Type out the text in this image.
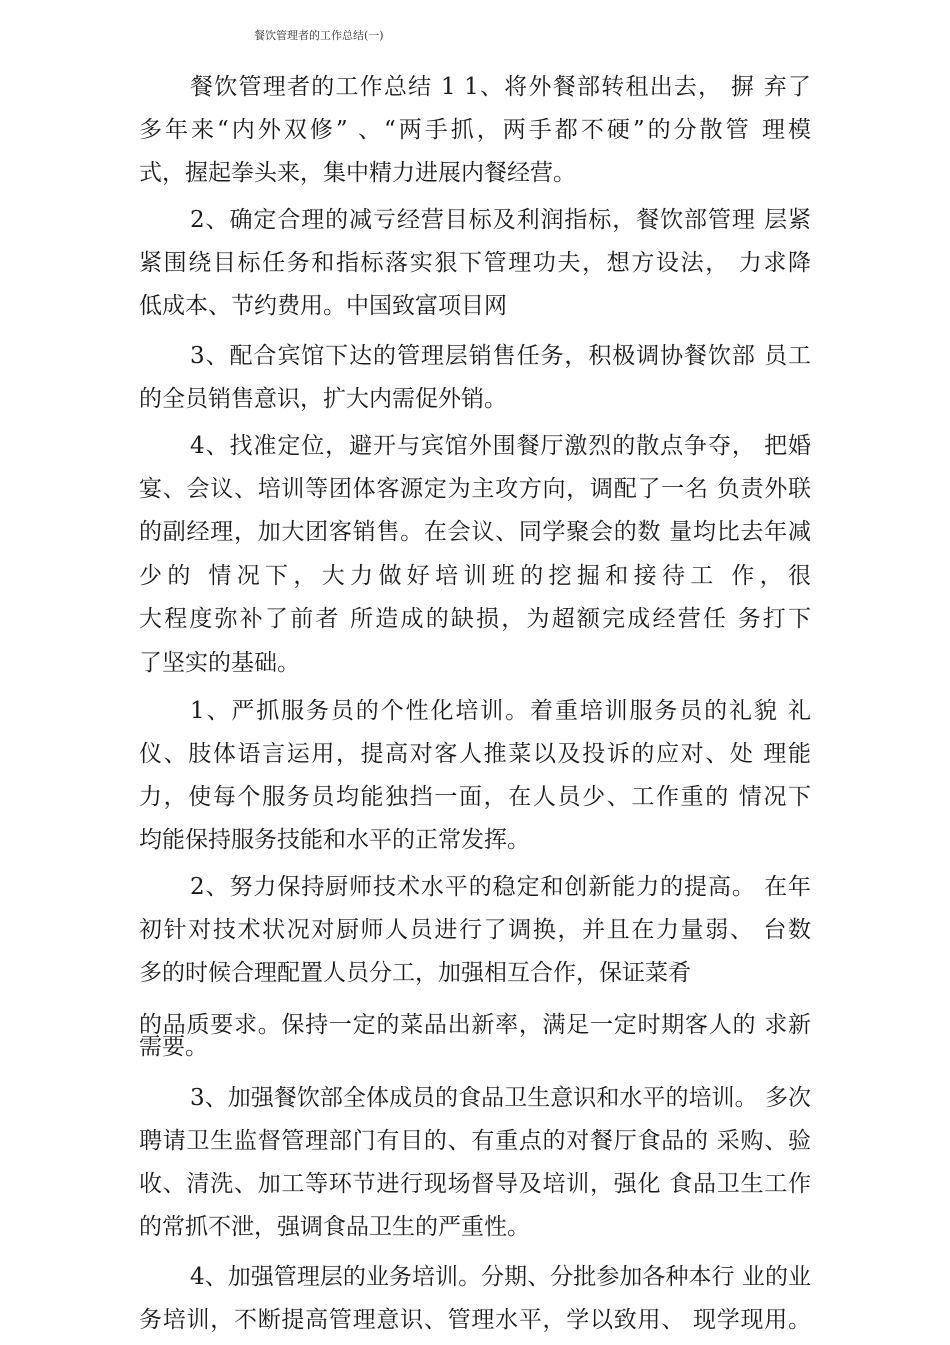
餐饮管理者的工作总结(一)
餐饮管理者的工作总结 1 1、将外餐部转租出去， 摒 弃了
多年来“内外双修” 、“两手抓，两手都不硬”的分散管 理模
式，握起拳头来，集中精力进展内餐经营。
2、确定合理的减亏经营目标及利润指标，餐饮部管理 层紧
紧围绕目标任务和指标落实狠下管理功夫，想方设法， 力求降
低成本、节约费用。中国致富项目网
3、配合宾馆下达的管理层销售任务，积极调协餐饮部 员工
的全员销售意识，扩大内需促外销。
4、找准定位，避开与宾馆外围餐厅激烈的散点争夺， 把婚
宴、会议、培训等团体客源定为主攻方向，调配了一名 负责外联
的副经理，加大团客销售。在会议、同学聚会的数 量均比去年减
少的 情况下，大力做好培训班的挖掘和接待工 作，很
大程度弥补了前者 所造成的缺损，为超额完成经营任 务打下
了坚实的基础。
1、严抓服务员的个性化培训。着重培训服务员的礼貌 礼
仪、肢体语言运用，提高对客人推菜以及投诉的应对、处 理能
力，使每个服务员均能独挡一面，在人员少、工作重的 情况下
均能保持服务技能和水平的正常发挥。
2、努力保持厨师技术水平的稳定和创新能力的提高。 在年
初针对技术状况对厨师人员进行了调换，并且在力量弱、 台数
多的时候合理配置人员分工，加强相互合作，保证菜肴
的品质要求。保持一定的菜品出新率，满足一定时期客人的 求新
需要。
3、加强餐饮部全体成员的食品卫生意识和水平的培训。 多次
聘请卫生监督管理部门有目的、有重点的对餐厅食品的 采购、验
收、清洗、加工等环节进行现场督导及培训，强化 食品卫生工作
的常抓不泄，强调食品卫生的严重性。
4、加强管理层的业务培训。分期、分批参加各种本行 业的业
务培训，不断提高管理意识、管理水平，学以致用、 现学现用。
